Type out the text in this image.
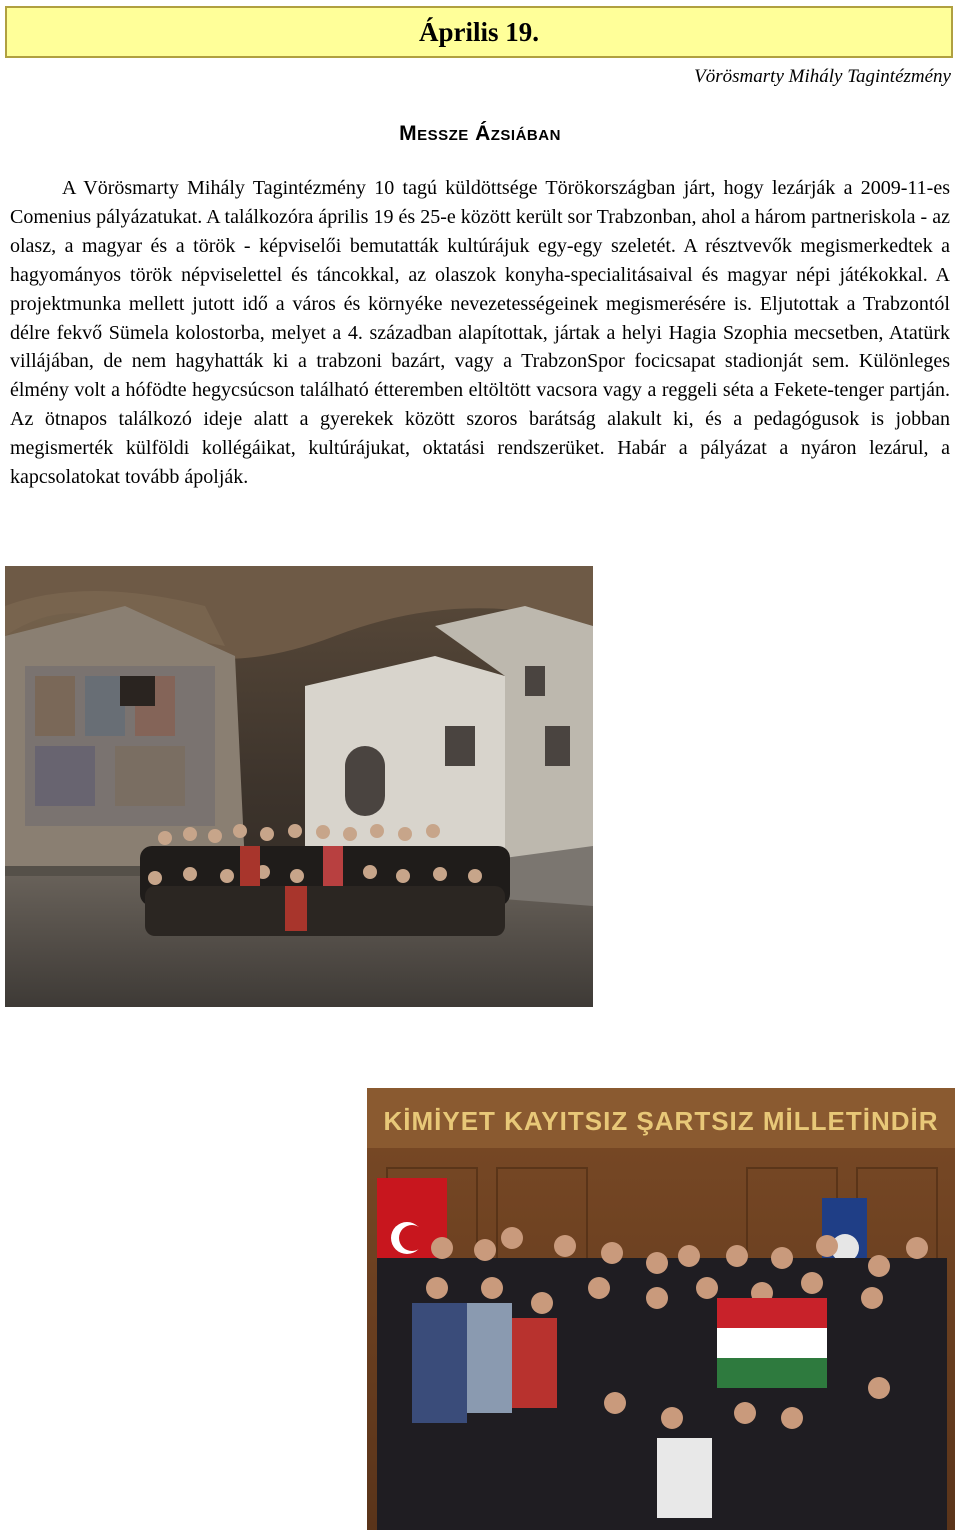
Április 19.
Vörösmarty Mihály Tagintézmény
Messze Ázsiában

A Vörösmarty Mihály Tagintézmény 10 tagú küldöttsége Törökországban járt, hogy lezárják a 2009-11-es Comenius pályázatukat. A találkozóra április 19 és 25-e között került sor Trabzonban, ahol a három partneriskola - az olasz, a magyar és a török - képviselői bemutatták kultúrájuk egy-egy szeletét. A résztvevők megismerkedtek a hagyományos török népviselettel és táncokkal, az olaszok konyha-specialitásaival és magyar népi játékokkal. A projektmunka mellett jutott idő a város és környéke nevezetességeinek megismerésére is. Eljutottak a Trabzontól délre fekvő Sümela kolostorba, melyet a 4. században alapítottak, jártak a helyi Hagia Szophia mecsetben, Atatürk villájában, de nem hagyhatták ki a trabzoni bazárt, vagy a TrabzonSpor focicsapat stadionját sem. Különleges élmény volt a hófödte hegycsúcson található étteremben eltöltött vacsora vagy a reggeli séta a Fekete-tenger partján. Az ötnapos találkozó ideje alatt a gyerekek között szoros barátság alakult ki, és a pedagógusok is jobban megismerték külföldi kollégáikat, kultúrájukat, oktatási rendszerüket. Habár a pályázat a nyáron lezárul, a kapcsolatokat tovább ápolják.

KİMİYET KAYITSIZ ŞARTSIZ MİLLETİNDİR
